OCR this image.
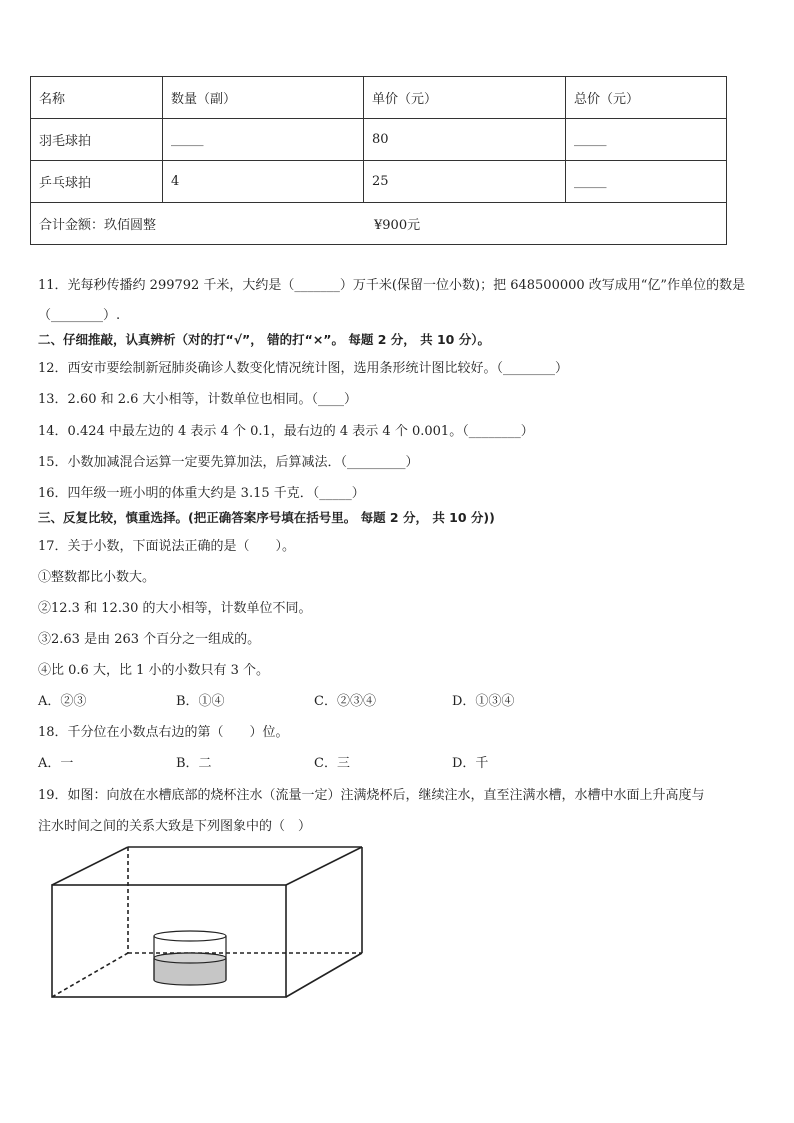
名称	数量（副）	单价（元）	总价（元）
羽毛球拍	_____	80	_____
乒乓球拍	4	25	_____
合计金额：玖佰圆整 ¥900元			
11．光每秒传播约 299792 千米，大约是（_______）万千米(保留一位小数)；把 648500000 改写成用“亿”作单位的数是
（________）.
二、仔细推敲，认真辨析（对的打“√”， 错的打“×”。 每题 2 分， 共 10 分）。
12．西安市要绘制新冠肺炎确诊人数变化情况统计图，选用条形统计图比较好。（________）
13．2.60 和 2.6 大小相等，计数单位也相同。（____）
14．0.424 中最左边的 4 表示 4 个 0.1，最右边的 4 表示 4 个 0.001。（________）
15．小数加减混合运算一定要先算加法，后算减法．（_________）
16．四年级一班小明的体重大约是 3.15 千克．（_____）
三、反复比较，慎重选择。(把正确答案序号填在括号里。 每题 2 分， 共 10 分))
17．关于小数，下面说法正确的是（　　）。
①整数都比小数大。
②12.3 和 12.30 的大小相等，计数单位不同。
③2.63 是由 263 个百分之一组成的。
④比 0.6 大，比 1 小的小数只有 3 个。
A．②③	B．①④	C．②③④	D．①③④
18．千分位在小数点右边的第（　　）位。
A．一	B．二	C．三	D．千
19．如图：向放在水槽底部的烧杯注水（流量一定）注满烧杯后，继续注水，直至注满水槽，水槽中水面上升高度与
注水时间之间的关系大致是下列图象中的（　）
